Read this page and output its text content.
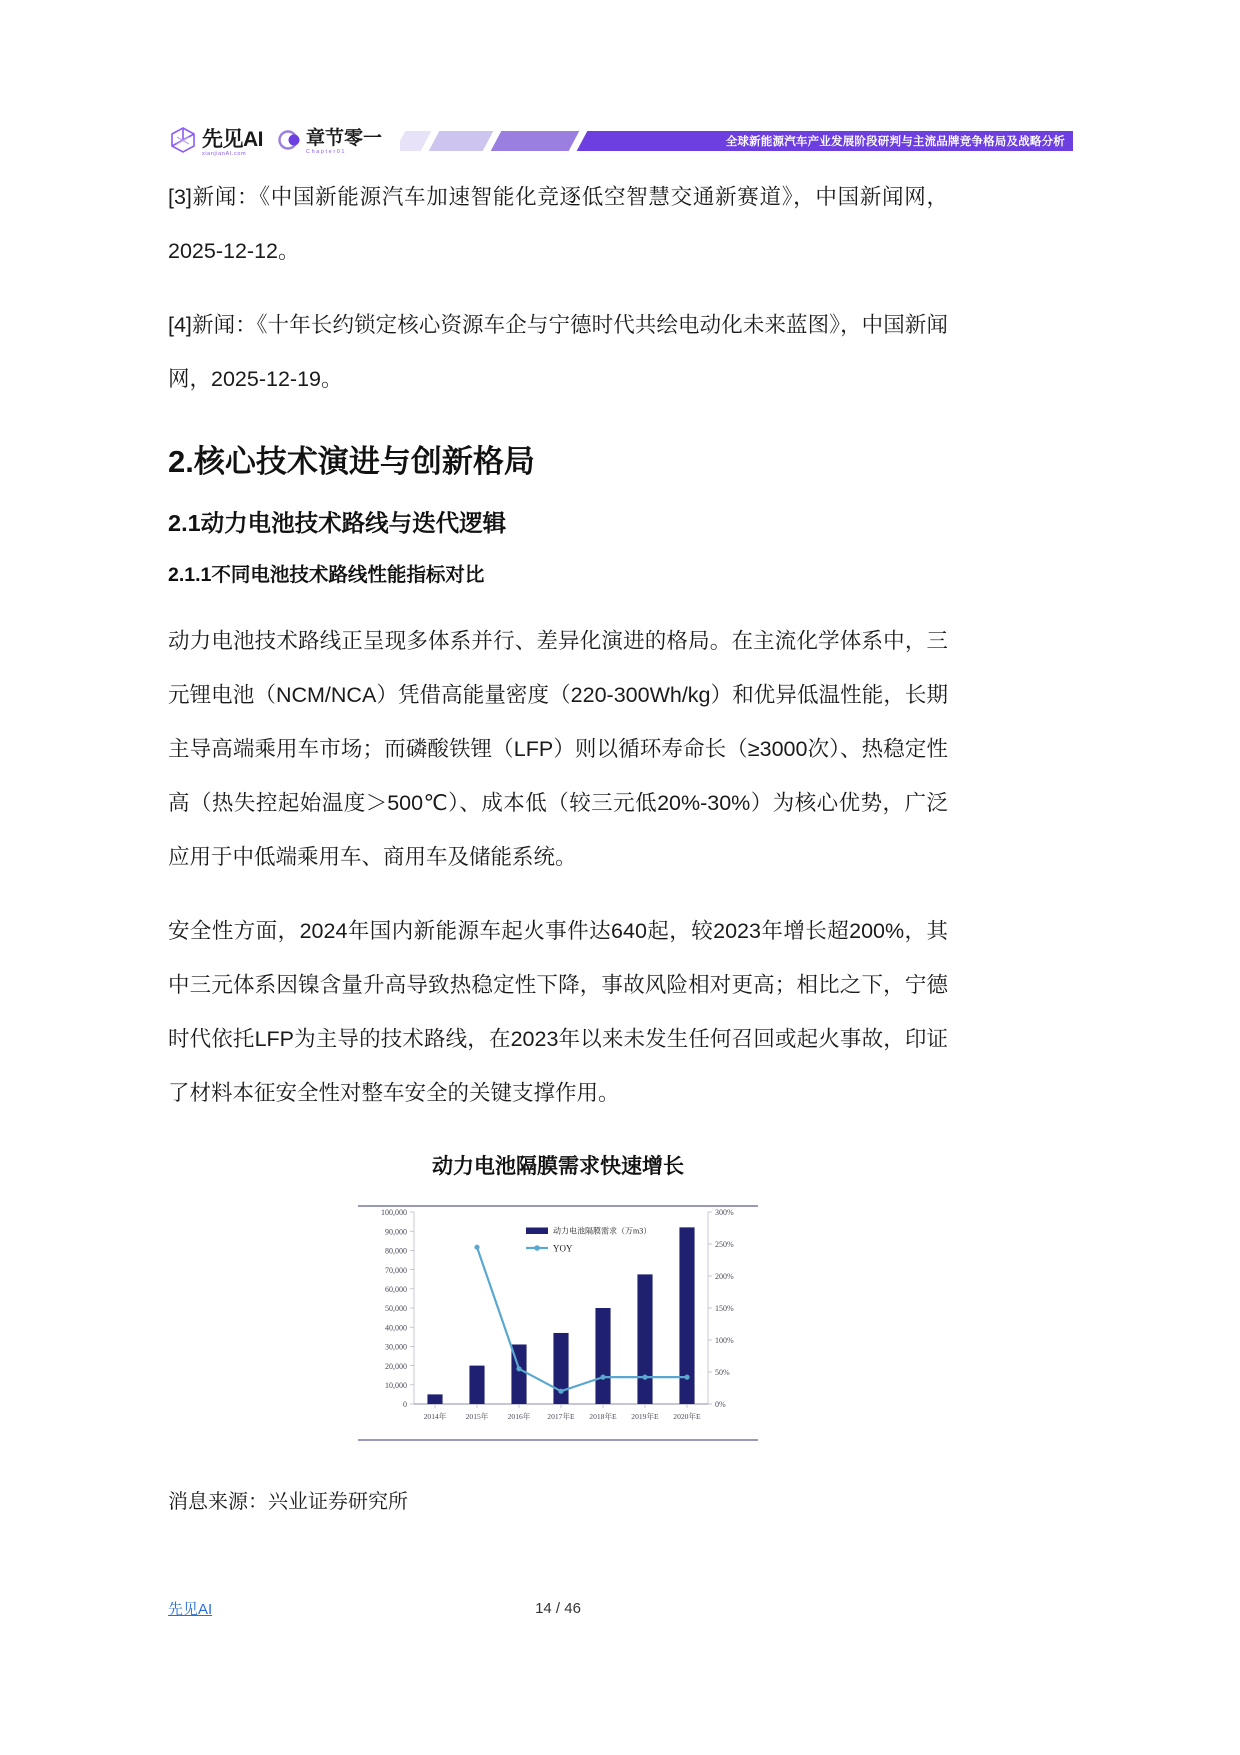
先见AI
xianjianAI.com
章节零一
Chapter01
全球新能源汽车产业发展阶段研判与主流品牌竞争格局及战略分析

[3]新闻：《中国新能源汽车加速智能化竞逐低空智慧交通新赛道》，中国新闻网，2025-12-12。

[4]新闻：《十年长约锁定核心资源车企与宁德时代共绘电动化未来蓝图》，中国新闻网，2025-12-19。

2.核心技术演进与创新格局
2.1动力电池技术路线与迭代逻辑
2.1.1不同电池技术路线性能指标对比

动力电池技术路线正呈现多体系并行、差异化演进的格局。在主流化学体系中，三元锂电池（NCM/NCA）凭借高能量密度（220-300Wh/kg）和优异低温性能，长期主导高端乘用车市场；而磷酸铁锂（LFP）则以循环寿命长（≥3000次）、热稳定性高（热失控起始温度＞500℃）、成本低（较三元低20%-30%）为核心优势，广泛应用于中低端乘用车、商用车及储能系统。

安全性方面，2024年国内新能源车起火事件达640起，较2023年增长超200%，其中三元体系因镍含量升高导致热稳定性下降，事故风险相对更高；相比之下，宁德时代依托LFP为主导的技术路线，在2023年以来未发生任何召回或起火事故，印证了材料本征安全性对整车安全的关键支撑作用。

动力电池隔膜需求快速增长
0
10,000
20,000
30,000
40,000
50,000
60,000
70,000
80,000
90,000
100,000
0%
50%
100%
150%
200%
250%
300%
2014年	2015年	2016年 2017年E 2018年E 2019年E 2020年E
动力电池隔膜需求（万m3）
YOY

消息来源：兴业证券研究所

先见AI	14 / 46
